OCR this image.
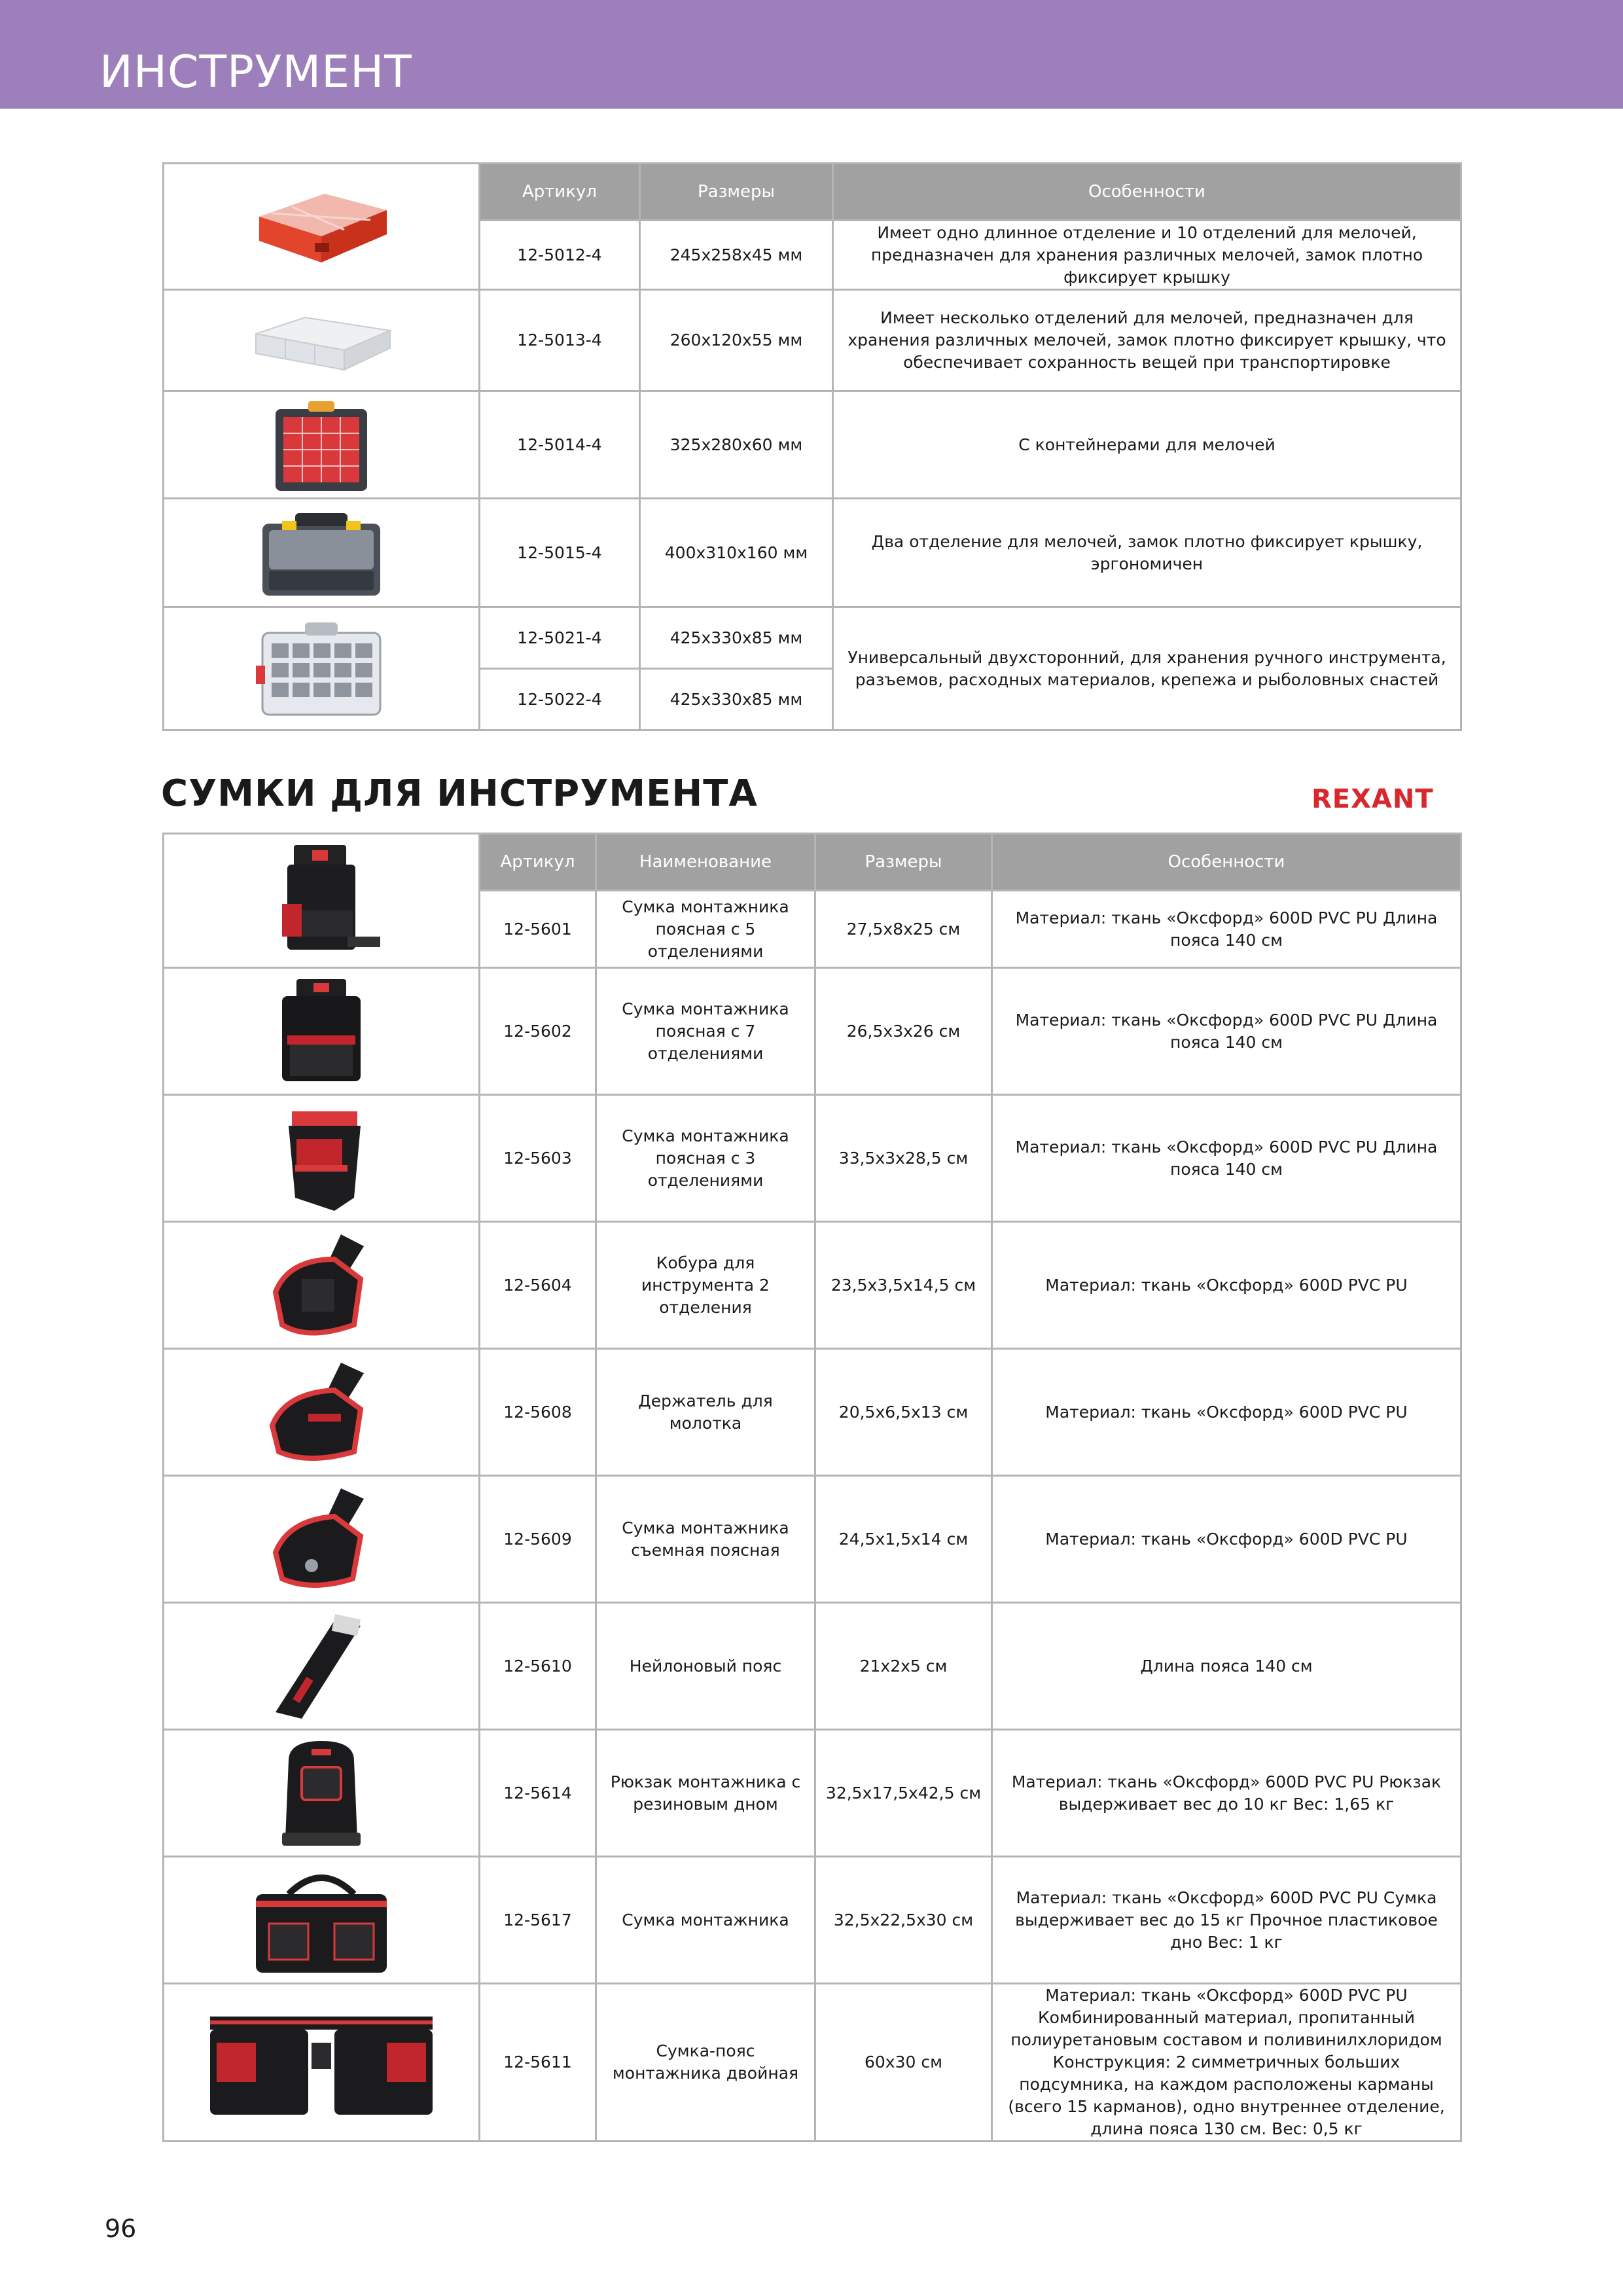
ИНСТРУМЕНТ
	Артикул	Размеры	Особенности
	12-5012-4	245x258x45 мм	Имеет одно длинное отделение и 10 отделений для мелочей, предназначен для хранения различных мелочей, замок плотно фиксирует крышку

	12-5013-4	260x120x55 мм	Имеет несколько отделений для мелочей, предназначен для хранения различных мелочей, замок плотно фиксирует крышку, что обеспечивает сохранность вещей при транспортировке

	12-5014-4	325x280x60 мм	С контейнерами для мелочей

	12-5015-4	400x310x160 мм	Два отделение для мелочей, замок плотно фиксирует крышку, эргономичен

	12-5021-4	425x330x85 мм	Универсальный двухсторонний, для хранения ручного инструмента, разъемов, расходных материалов, крепежа и рыболовных снастей
	12-5022-4	425x330x85 мм	
СУМКИ ДЛЯ ИНСТРУМЕНТА	REXANT
	Артикул	Наименование	Размеры	Особенности
	12-5601	Сумка монтажника поясная с 5 отделениями	27,5х8х25 см	Материал: ткань «Оксфорд» 600D PVC PU Длина пояса 140 см

	12-5602	Сумка монтажника поясная с 7 отделениями	26,5х3х26 см	Материал: ткань «Оксфорд» 600D PVC PU Длина пояса 140 см

	12-5603	Сумка монтажника поясная с 3 отделениями	33,5х3х28,5 см	Материал: ткань «Оксфорд» 600D PVC PU Длина пояса 140 см

	12-5604	Кобура для инструмента 2 отделения	23,5х3,5х14,5 см	Материал: ткань «Оксфорд» 600D PVC PU

	12-5608	Держатель для молотка	20,5х6,5х13 см	Материал: ткань «Оксфорд» 600D PVC PU

	12-5609	Сумка монтажника съемная поясная	24,5х1,5х14 см	Материал: ткань «Оксфорд» 600D PVC PU

	12-5610	Нейлоновый пояс	21х2х5 см	Длина пояса 140 см

	12-5614	Рюкзак монтажника с резиновым дном	32,5х17,5х42,5 см	Материал: ткань «Оксфорд» 600D PVC PU Рюкзак выдерживает вес до 10 кг Вес: 1,65 кг

	12-5617	Сумка монтажника	32,5х22,5х30 см	Материал: ткань «Оксфорд» 600D PVC PU Сумка выдерживает вес до 15 кг Прочное пластиковое дно Вес: 1 кг

	12-5611	Сумка-пояс монтажника двойная	60х30 см	Материал: ткань «Оксфорд» 600D PVC PU Комбинированный материал, пропитанный полиуретановым составом и поливинилхлоридом Конструкция: 2 симметричных больших подсумника, на каждом расположены карманы (всего 15 карманов), одно внутреннее отделение, длина пояса 130 см. Вес: 0,5 кг
96
